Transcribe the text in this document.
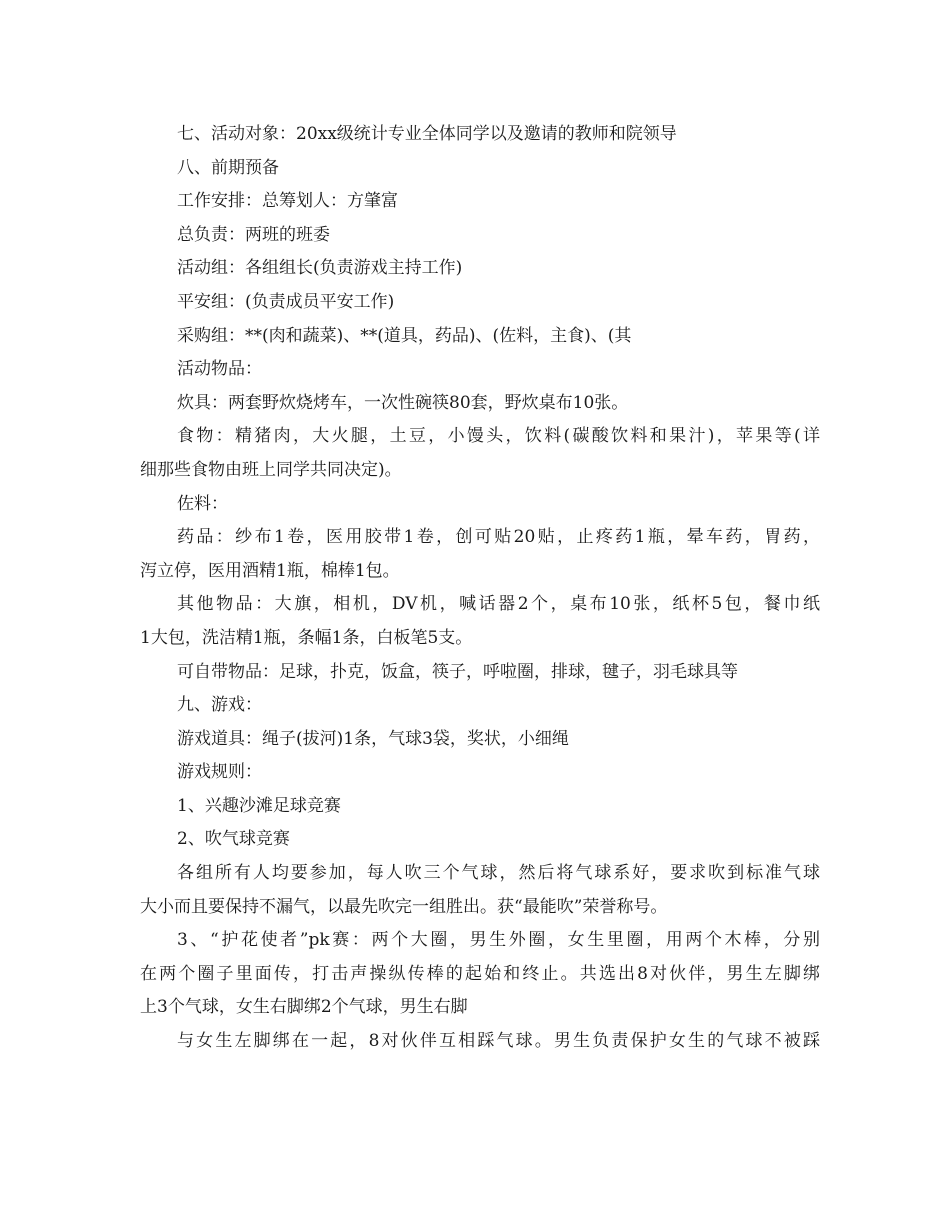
七、活动对象：20xx级统计专业全体同学以及邀请的教师和院领导
八、前期预备
工作安排：总筹划人：方肇富
总负责：两班的班委
活动组：各组组长(负责游戏主持工作)
平安组：(负责成员平安工作)
采购组：**(肉和蔬菜)、**(道具，药品)、(佐料，主食)、(其
活动物品：
炊具：两套野炊烧烤车，一次性碗筷80套，野炊桌布10张。
食物：精猪肉，大火腿，土豆，小馒头，饮料(碳酸饮料和果汁)，苹果等(详
细那些食物由班上同学共同决定)。
佐料：
药品：纱布1卷，医用胶带1卷，创可贴20贴，止疼药1瓶，晕车药，胃药，
泻立停，医用酒精1瓶，棉棒1包。
其他物品：大旗，相机，DV机，喊话器2个，桌布10张，纸杯5包，餐巾纸
1大包，洗洁精1瓶，条幅1条，白板笔5支。
可自带物品：足球，扑克，饭盒，筷子，呼啦圈，排球，毽子，羽毛球具等
九、游戏：
游戏道具：绳子(拔河)1条，气球3袋，奖状，小细绳
游戏规则：
1、兴趣沙滩足球竞赛
2、吹气球竞赛
各组所有人均要参加，每人吹三个气球，然后将气球系好，要求吹到标准气球
大小而且要保持不漏气，以最先吹完一组胜出。获“最能吹”荣誉称号。
3、“护花使者”pk赛：两个大圈，男生外圈，女生里圈，用两个木棒，分别
在两个圈子里面传，打击声操纵传棒的起始和终止。共选出8对伙伴，男生左脚绑
上3个气球，女生右脚绑2个气球，男生右脚
与女生左脚绑在一起，8对伙伴互相踩气球。男生负责保护女生的气球不被踩
